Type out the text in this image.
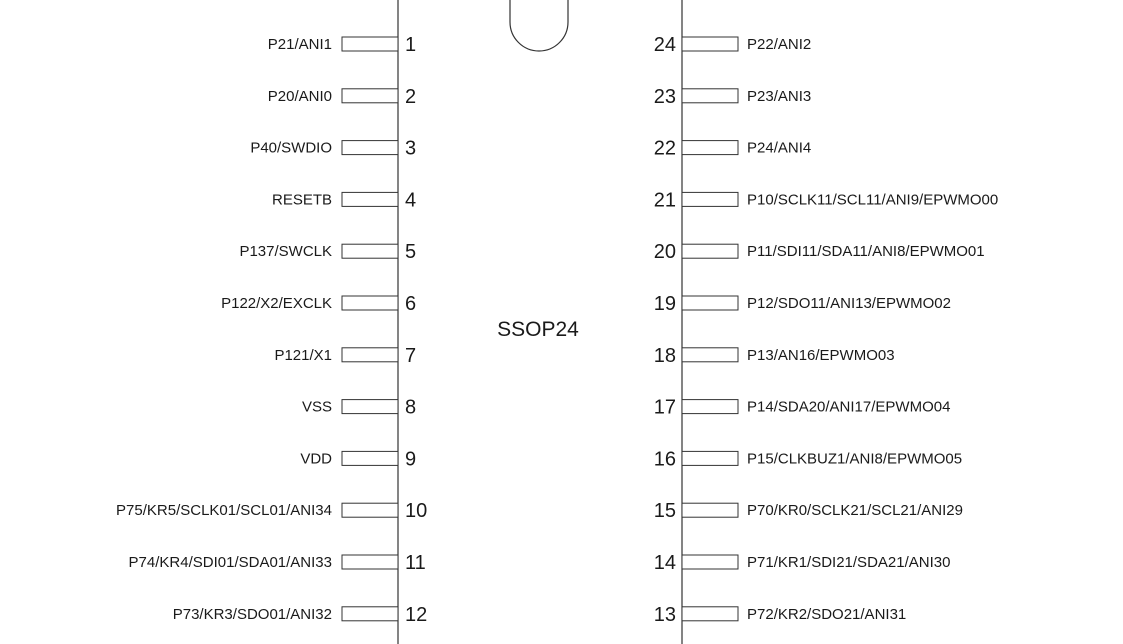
SSOP24
1
P21/ANI1
2
P20/ANI0
3
P40/SWDIO
4
RESETB
5
P137/SWCLK
6
P122/X2/EXCLK
7
P121/X1
8
VSS
9
VDD
10
P75/KR5/SCLK01/SCL01/ANI34
11
P74/KR4/SDI01/SDA01/ANI33
12
P73/KR3/SDO01/ANI32
24	P22/ANI2
23	P23/ANI3
22	P24/ANI4
21	P10/SCLK11/SCL11/ANI9/EPWMO00
20	P11/SDI11/SDA11/ANI8/EPWMO01
19	P12/SDO11/ANI13/EPWMO02
18	P13/AN16/EPWMO03
17	P14/SDA20/ANI17/EPWMO04
16	P15/CLKBUZ1/ANI8/EPWMO05
15	P70/KR0/SCLK21/SCL21/ANI29
14	P71/KR1/SDI21/SDA21/ANI30
13	P72/KR2/SDO21/ANI31
